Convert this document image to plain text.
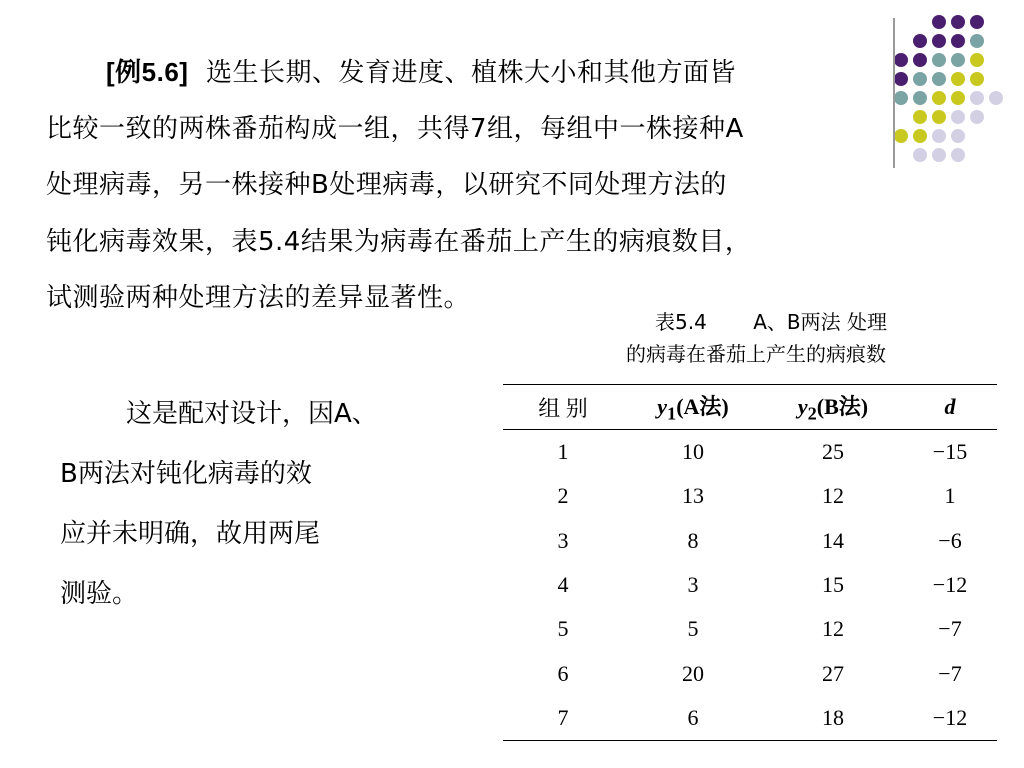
[例5.6] 选生长期、发育进度、植株大小和其他方面皆
比较一致的两株番茄构成一组，共得7组，每组中一株接种A
处理病毒，另一株接种B处理病毒，以研究不同处理方法的
钝化病毒效果，表5.4结果为病毒在番茄上产生的病痕数目，
试测验两种处理方法的差异显著性。
表5.4　　 A、B两法 处理
的病毒在番茄上产生的病痕数
这是配对设计，因A、
B两法对钝化病毒的效
应并未明确，故用两尾
测验。
组 别	$y_1(A$法)	$y_2(B$法)	d
1	10	25	−15
2	13	12	1
3	8	14	−6
4	3	15	−12
5	5	12	−7
6	20	27	−7
7	6	18	−12
